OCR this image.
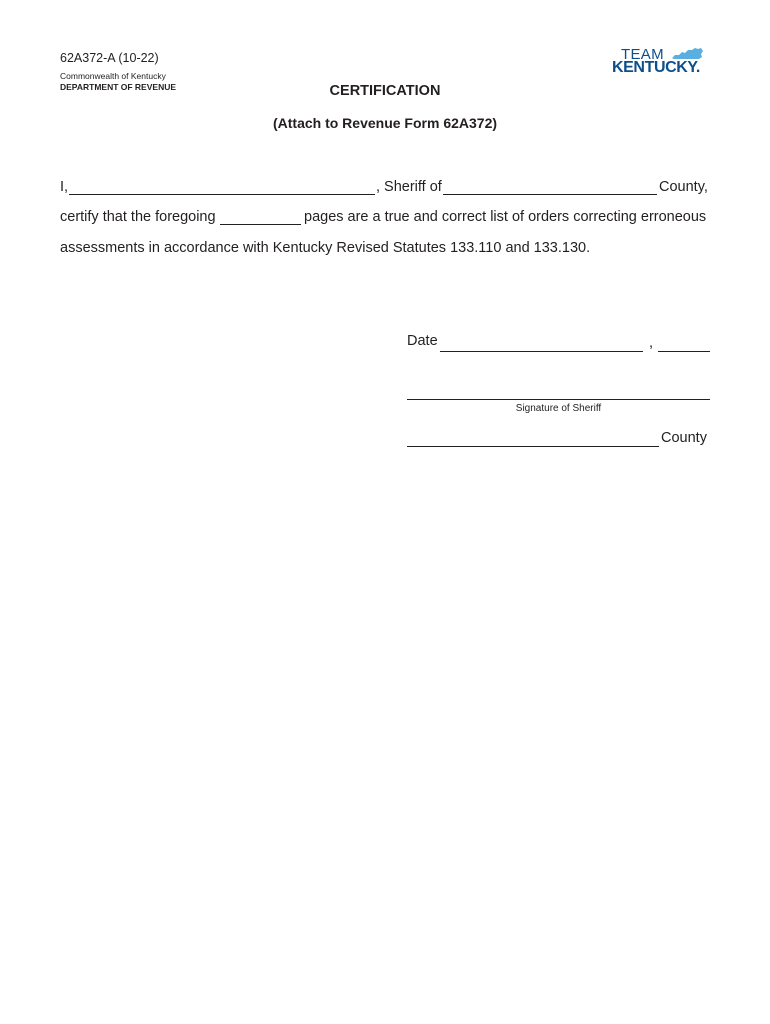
62A372-A (10-22)
Commonwealth of Kentucky
DEPARTMENT OF REVENUE
TEAM
KENTUCKY.
CERTIFICATION
(Attach to Revenue Form 62A372)
I,	, Sheriff of	County,
certify that the foregoing	pages are a true and correct list of orders correcting erroneous
assessments in accordance with Kentucky Revised Statutes 133.110 and 133.130.
Date	,
Signature of Sheriff
County
